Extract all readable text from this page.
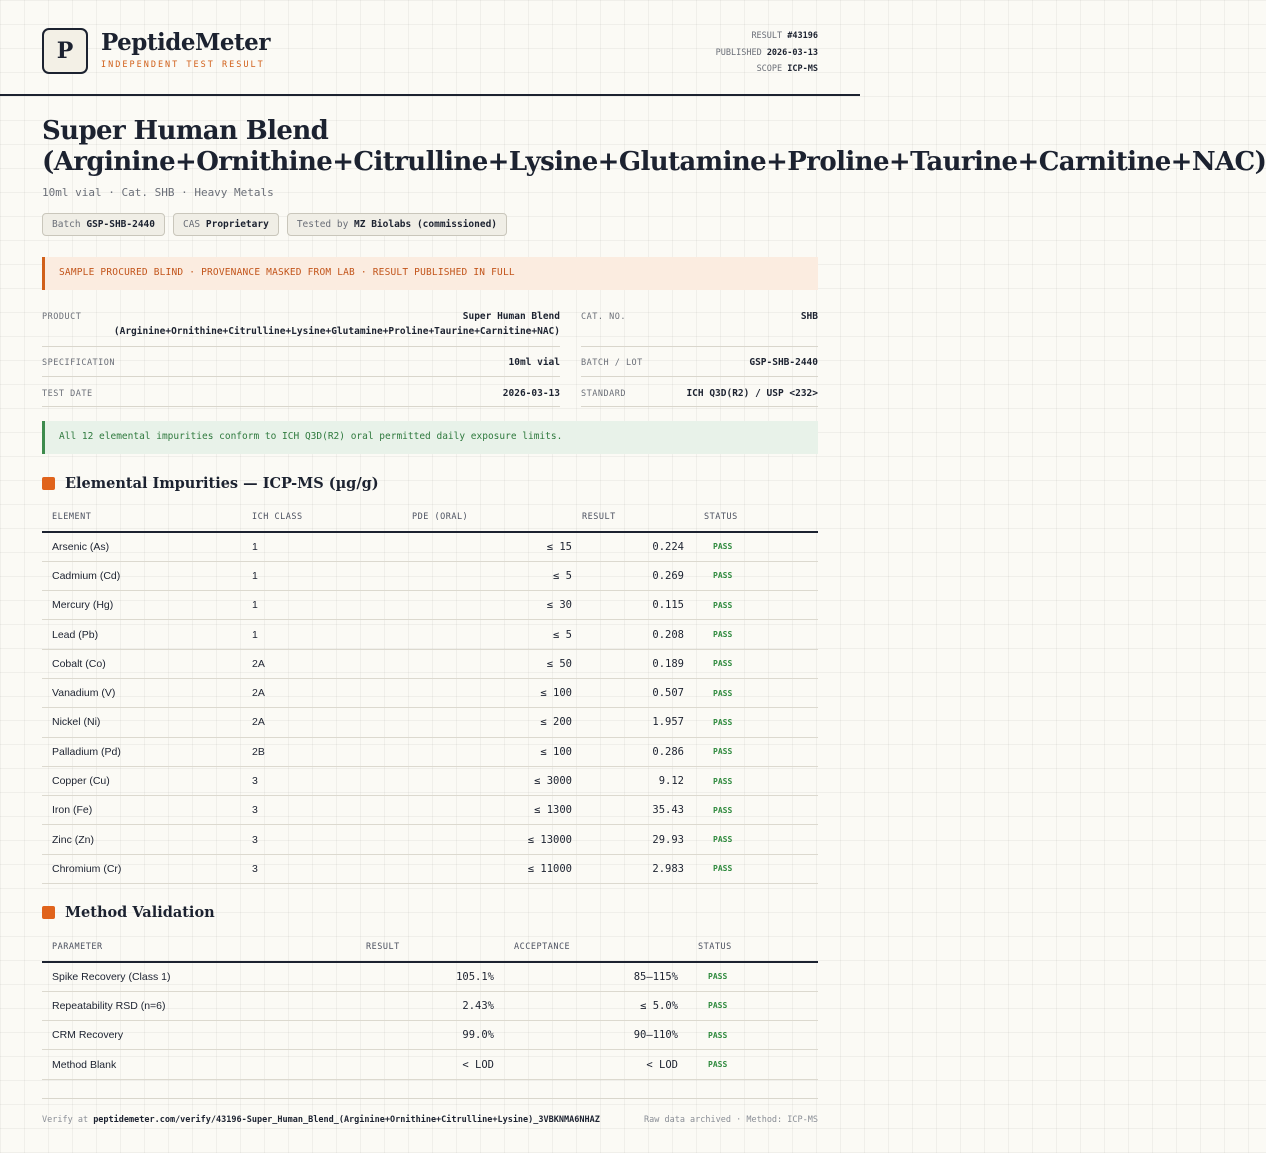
P	PeptideMeter
INDEPENDENT TEST RESULT
RESULT #43196
PUBLISHED 2026-03-13
SCOPE ICP-MS
Super Human Blend
(Arginine+Ornithine+Citrulline+Lysine+Glutamine+Proline+Taurine+Carnitine+NAC)
10ml vial · Cat. SHB · Heavy Metals
Batch GSP-SHB-2440	CAS Proprietary	Tested by MZ Biolabs (commissioned)
SAMPLE PROCURED BLIND · PROVENANCE MASKED FROM LAB · RESULT PUBLISHED IN FULL
PRODUCT	Super Human Blend
(Arginine+Ornithine+Citrulline+Lysine+Glutamine+Proline+Taurine+Carnitine+NAC)
CAT. NO.	SHB
SPECIFICATION	10ml vial BATCH / LOT	GSP-SHB-2440
TEST DATE	2026-03-13 STANDARD	ICH Q3D(R2) / USP <232>
All 12 elemental impurities conform to ICH Q3D(R2) oral permitted daily exposure limits.
Elemental Impurities — ICP-MS (µg/g)
ELEMENT	ICH CLASS	PDE (ORAL)	RESULT	STATUS
Arsenic (As)	1	≤ 15	0.224	PASS
Cadmium (Cd)	1	≤ 5	0.269	PASS
Mercury (Hg)	1	≤ 30	0.115	PASS
Lead (Pb)	1	≤ 5	0.208	PASS
Cobalt (Co)	2A	≤ 50	0.189	PASS
Vanadium (V)	2A	≤ 100	0.507	PASS
Nickel (Ni)	2A	≤ 200	1.957	PASS
Palladium (Pd)	2B	≤ 100	0.286	PASS
Copper (Cu)	3	≤ 3000	9.12	PASS
Iron (Fe)	3	≤ 1300	35.43	PASS
Zinc (Zn)	3	≤ 13000	29.93	PASS
Chromium (Cr)	3	≤ 11000	2.983	PASS
Method Validation
PARAMETER	RESULT	ACCEPTANCE	STATUS
Spike Recovery (Class 1)	105.1%	85–115%	PASS
Repeatability RSD (n=6)	2.43%	≤ 5.0%	PASS
CRM Recovery	99.0%	90–110%	PASS
Method Blank	< LOD	< LOD	PASS
Verify at peptidemeter.com/verify/43196-Super_Human_Blend_(Arginine+Ornithine+Citrulline+Lysine)_3VBKNMA6NHAZ	Raw data archived · Method: ICP-MS
